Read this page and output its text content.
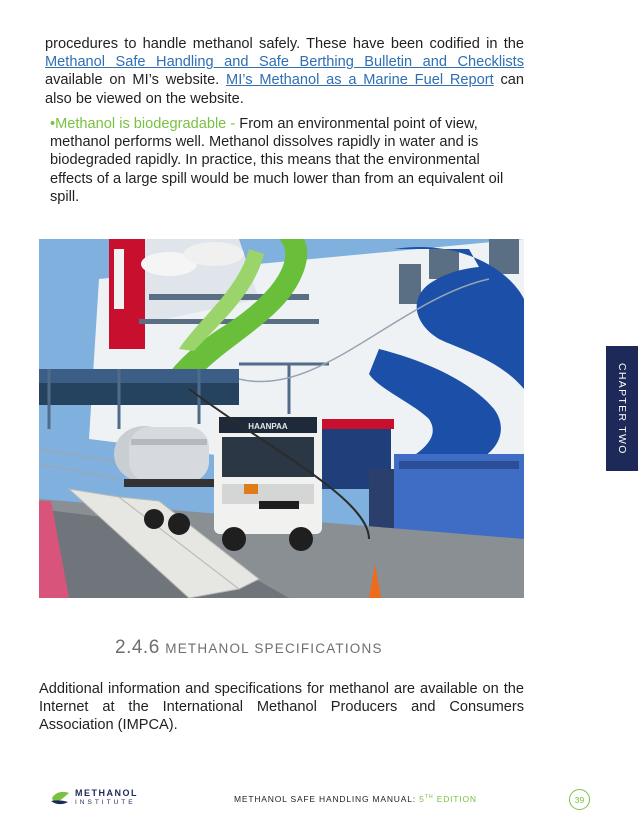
procedures to handle methanol safely. These have been codified in the Methanol Safe Handling and Safe Berthing Bulletin and Checklists available on MI’s website. MI’s Methanol as a Marine Fuel Report can also be viewed on the website.

•Methanol is biodegradable - From an environmental point of view, methanol performs well. Methanol dissolves rapidly in water and is biodegraded rapidly. In practice, this means that the environmental effects of a large spill would be much lower than from an equivalent oil spill.

HAANPAA
2.4.6 METHANOL SPECIFICATIONS

Additional information and specifications for methanol are available on the Internet at the International Methanol Producers and Consumers Association (IMPCA).

CHAPTER TWO
METHANOL
INSTITUTE	METHANOL SAFE HANDLING MANUAL: 5TH EDITION	39
